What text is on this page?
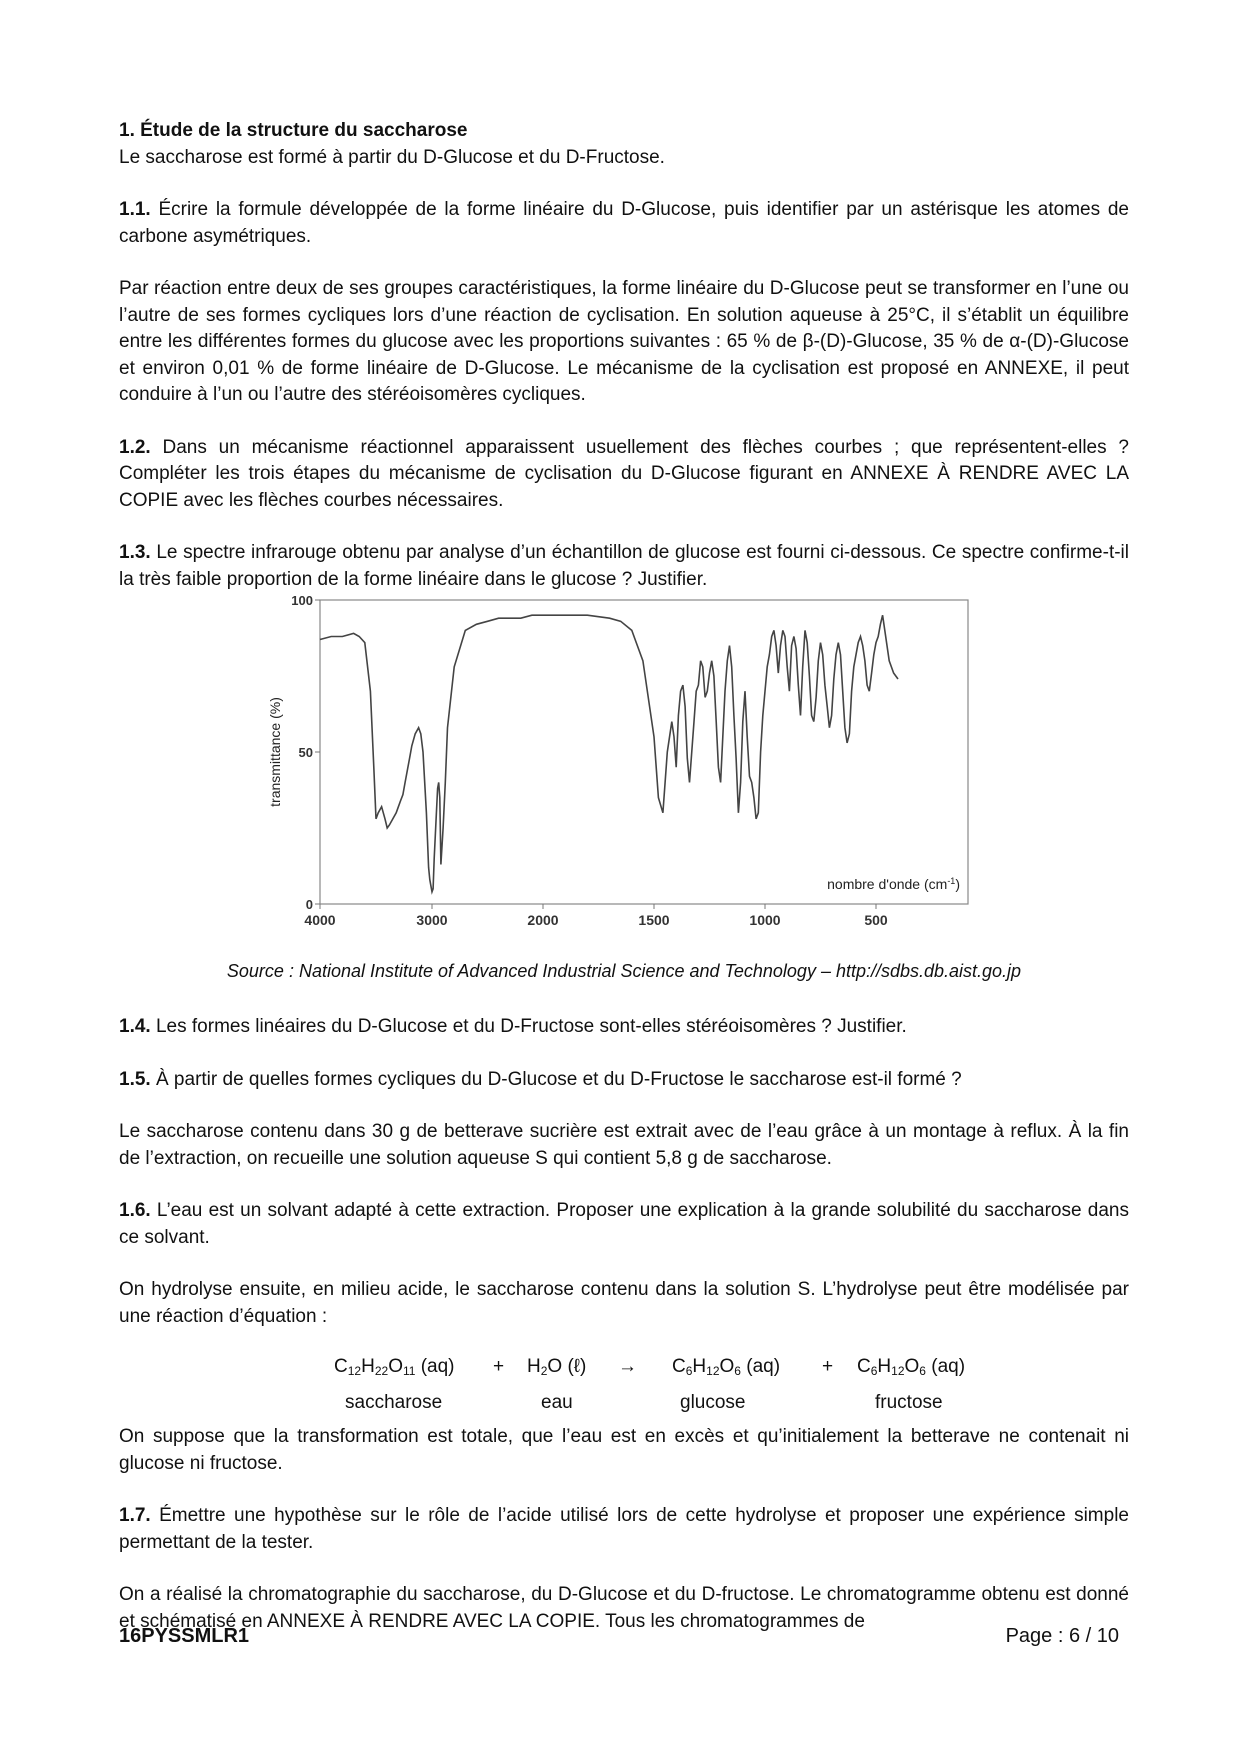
1. Étude de la structure du saccharose

Le saccharose est formé à partir du D-Glucose et du D-Fructose.

1.1. Écrire la formule développée de la forme linéaire du D-Glucose, puis identifier par un astérisque les atomes de carbone asymétriques.

Par réaction entre deux de ses groupes caractéristiques, la forme linéaire du D-Glucose peut se transformer en l’une ou l’autre de ses formes cycliques lors d’une réaction de cyclisation. En solution aqueuse à 25°C, il s’établit un équilibre entre les différentes formes du glucose avec les proportions suivantes : 65 % de β-(D)-Glucose, 35 % de α-(D)-Glucose et environ 0,01 % de forme linéaire de D-Glucose. Le mécanisme de la cyclisation est proposé en ANNEXE, il peut conduire à l’un ou l’autre des stéréoisomères cycliques.

1.2. Dans un mécanisme réactionnel apparaissent usuellement des flèches courbes ; que représentent-elles ? Compléter les trois étapes du mécanisme de cyclisation du D-Glucose figurant en ANNEXE À RENDRE AVEC LA COPIE avec les flèches courbes nécessaires.

1.3. Le spectre infrarouge obtenu par analyse d’un échantillon de glucose est fourni ci-dessous. Ce spectre confirme-t-il la très faible proportion de la forme linéaire dans le glucose ? Justifier.

100
50
0
4000	3000	2000	1500	1000	500
transmittance (%)
nombre d'onde $(cm^{-1})$
Source : National Institute of Advanced Industrial Science and Technology – http://sdbs.db.aist.go.jp

1.4. Les formes linéaires du D-Glucose et du D-Fructose sont-elles stéréoisomères ? Justifier.

1.5. À partir de quelles formes cycliques du D-Glucose et du D-Fructose le saccharose est-il formé ?

Le saccharose contenu dans 30 g de betterave sucrière est extrait avec de l’eau grâce à un montage à reflux. À la fin de l’extraction, on recueille une solution aqueuse S qui contient 5,8 g de saccharose.

1.6. L’eau est un solvant adapté à cette extraction. Proposer une explication à la grande solubilité du saccharose dans ce solvant.

On hydrolyse ensuite, en milieu acide, le saccharose contenu dans la solution S. L’hydrolyse peut être modélisée par une réaction d’équation :

$C_{12}H_{22}O_{11}$ $(aq) + H_2O$ (ℓ) → $C_6H_{12}O_6$ $(aq) + C_6H_{12}O_6$ (aq)
saccharose	eau	glucose	fructose

On suppose que la transformation est totale, que l’eau est en excès et qu’initialement la betterave ne contenait ni glucose ni fructose.

1.7. Émettre une hypothèse sur le rôle de l’acide utilisé lors de cette hydrolyse et proposer une expérience simple permettant de la tester.

On a réalisé la chromatographie du saccharose, du D-Glucose et du D-fructose. Le chromatogramme obtenu est donné et schématisé en ANNEXE À RENDRE AVEC LA COPIE. Tous les chromatogrammes de

16PYSSMLR1	Page : 6 / 10
